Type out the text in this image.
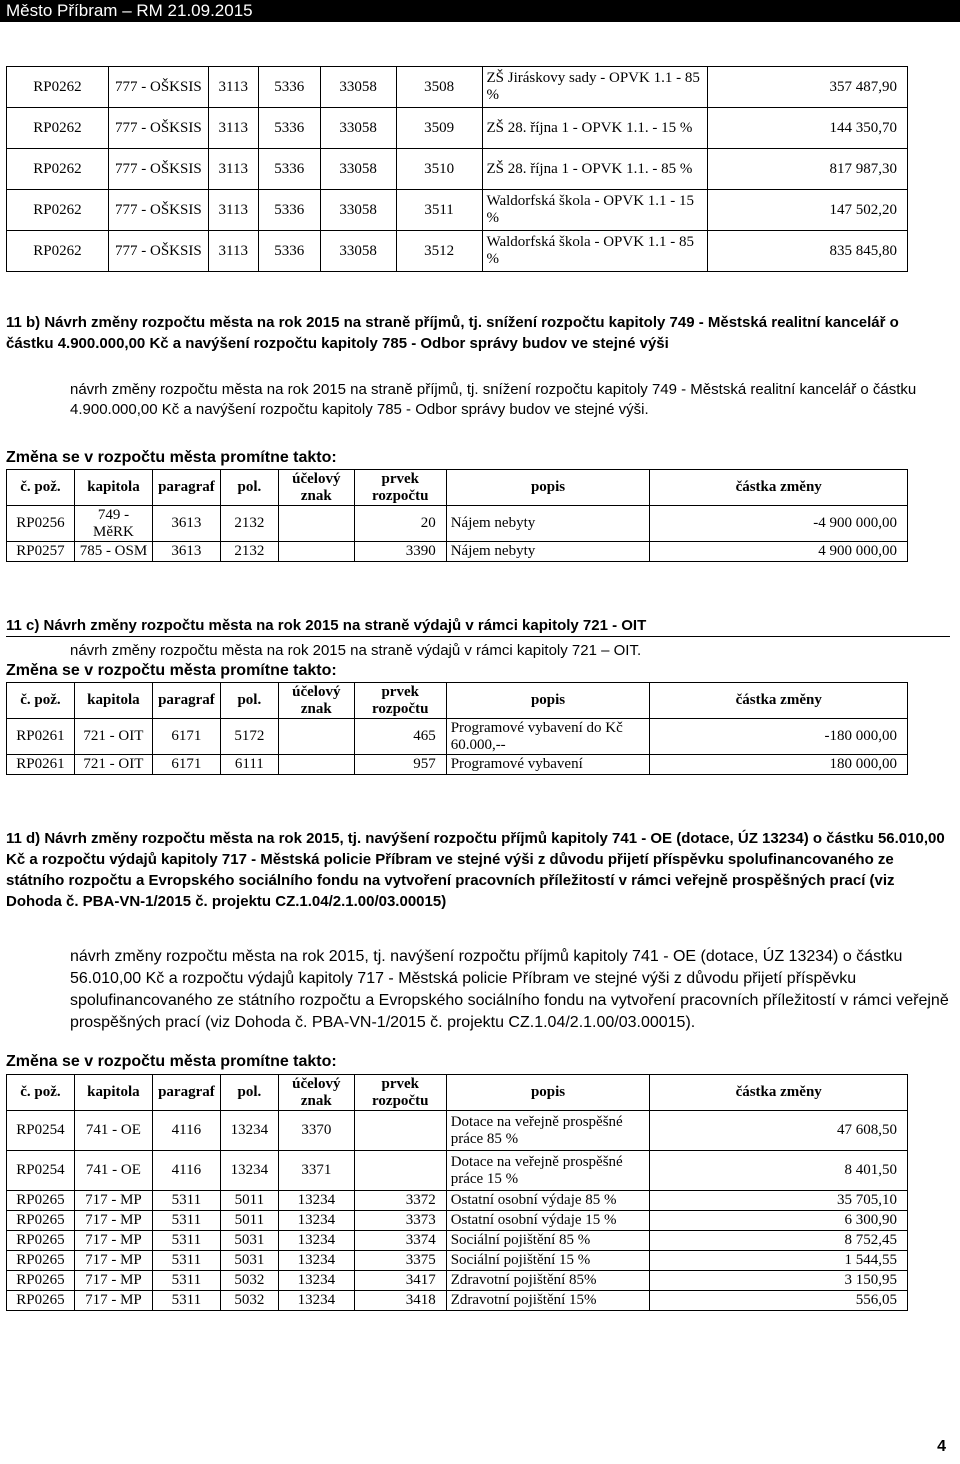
Město Příbram – RM 21.09.2015
RP0262	777 - OŠKSIS	3113	5336	33058	3508	ZŠ Jiráskovy sady - OPVK 1.1 - 85 %	357 487,90
RP0262	777 - OŠKSIS	3113	5336	33058	3509	ZŠ 28. října 1 - OPVK 1.1. - 15 %	144 350,70
RP0262	777 - OŠKSIS	3113	5336	33058	3510	ZŠ 28. října 1 - OPVK 1.1. - 85 %	817 987,30
RP0262	777 - OŠKSIS	3113	5336	33058	3511	Waldorfská škola - OPVK 1.1 - 15 %	147 502,20
RP0262	777 - OŠKSIS	3113	5336	33058	3512	Waldorfská škola - OPVK 1.1 - 85 %	835 845,80
11 b) Návrh změny rozpočtu města na rok 2015 na straně příjmů, tj. snížení rozpočtu kapitoly 749 - Městská realitní kancelář o částku 4.900.000,00 Kč a navýšení rozpočtu kapitoly 785 - Odbor správy budov ve stejné výši
návrh změny rozpočtu města na rok 2015 na straně příjmů, tj. snížení rozpočtu kapitoly 749 - Městská realitní kancelář o částku 4.900.000,00 Kč a navýšení rozpočtu kapitoly 785 - Odbor správy budov ve stejné výši.
Změna se v rozpočtu města promítne takto:
č. pož.	kapitola	paragraf	pol.	účelový znak	prvek rozpočtu	popis	částka změny
RP0256	749 - MěRK	3613	2132		20	Nájem nebyty	-4 900 000,00
RP0257	785 - OSM	3613	2132		3390	Nájem nebyty	4 900 000,00
11 c) Návrh změny rozpočtu města na rok 2015 na straně výdajů v rámci kapitoly 721 - OIT
návrh změny rozpočtu města na rok 2015 na straně výdajů v rámci kapitoly 721 – OIT.
Změna se v rozpočtu města promítne takto:
č. pož.	kapitola	paragraf	pol.	účelový znak	prvek rozpočtu	popis	částka změny
RP0261	721 - OIT	6171	5172		465	Programové vybavení do Kč 60.000,--	-180 000,00
RP0261	721 - OIT	6171	6111		957	Programové vybavení	180 000,00
11 d) Návrh změny rozpočtu města na rok 2015, tj. navýšení rozpočtu příjmů kapitoly 741 - OE (dotace, ÚZ 13234) o částku 56.010,00 Kč a rozpočtu výdajů kapitoly 717 - Městská policie Příbram ve stejné výši z důvodu přijetí příspěvku spolufinancovaného ze státního rozpočtu a Evropského sociálního fondu na vytvoření pracovních příležitostí v rámci veřejně prospěšných prací (viz Dohoda č. PBA-VN-1/2015 č. projektu CZ.1.04/2.1.00/03.00015)
návrh změny rozpočtu města na rok 2015, tj. navýšení rozpočtu příjmů kapitoly 741 - OE (dotace, ÚZ 13234) o částku 56.010,00 Kč a rozpočtu výdajů kapitoly 717 - Městská policie Příbram ve stejné výši z důvodu přijetí příspěvku spolufinancovaného ze státního rozpočtu a Evropského sociálního fondu na vytvoření pracovních příležitostí v rámci veřejně prospěšných prací (viz Dohoda č. PBA-VN-1/2015 č. projektu CZ.1.04/2.1.00/03.00015).
Změna se v rozpočtu města promítne takto:
č. pož.	kapitola	paragraf	pol.	účelový znak	prvek rozpočtu	popis	částka změny
RP0254	741 - OE	4116	13234	3370		Dotace na veřejně prospěšné práce 85 %	47 608,50
RP0254	741 - OE	4116	13234	3371		Dotace na veřejně prospěšné práce 15 %	8 401,50
RP0265	717 - MP	5311	5011	13234	3372	Ostatní osobní výdaje 85 %	35 705,10
RP0265	717 - MP	5311	5011	13234	3373	Ostatní osobní výdaje 15 %	6 300,90
RP0265	717 - MP	5311	5031	13234	3374	Sociální pojištění 85 %	8 752,45
RP0265	717 - MP	5311	5031	13234	3375	Sociální pojištění 15 %	1 544,55
RP0265	717 - MP	5311	5032	13234	3417	Zdravotní pojištění 85%	3 150,95
RP0265	717 - MP	5311	5032	13234	3418	Zdravotní pojištění 15%	556,05
4
